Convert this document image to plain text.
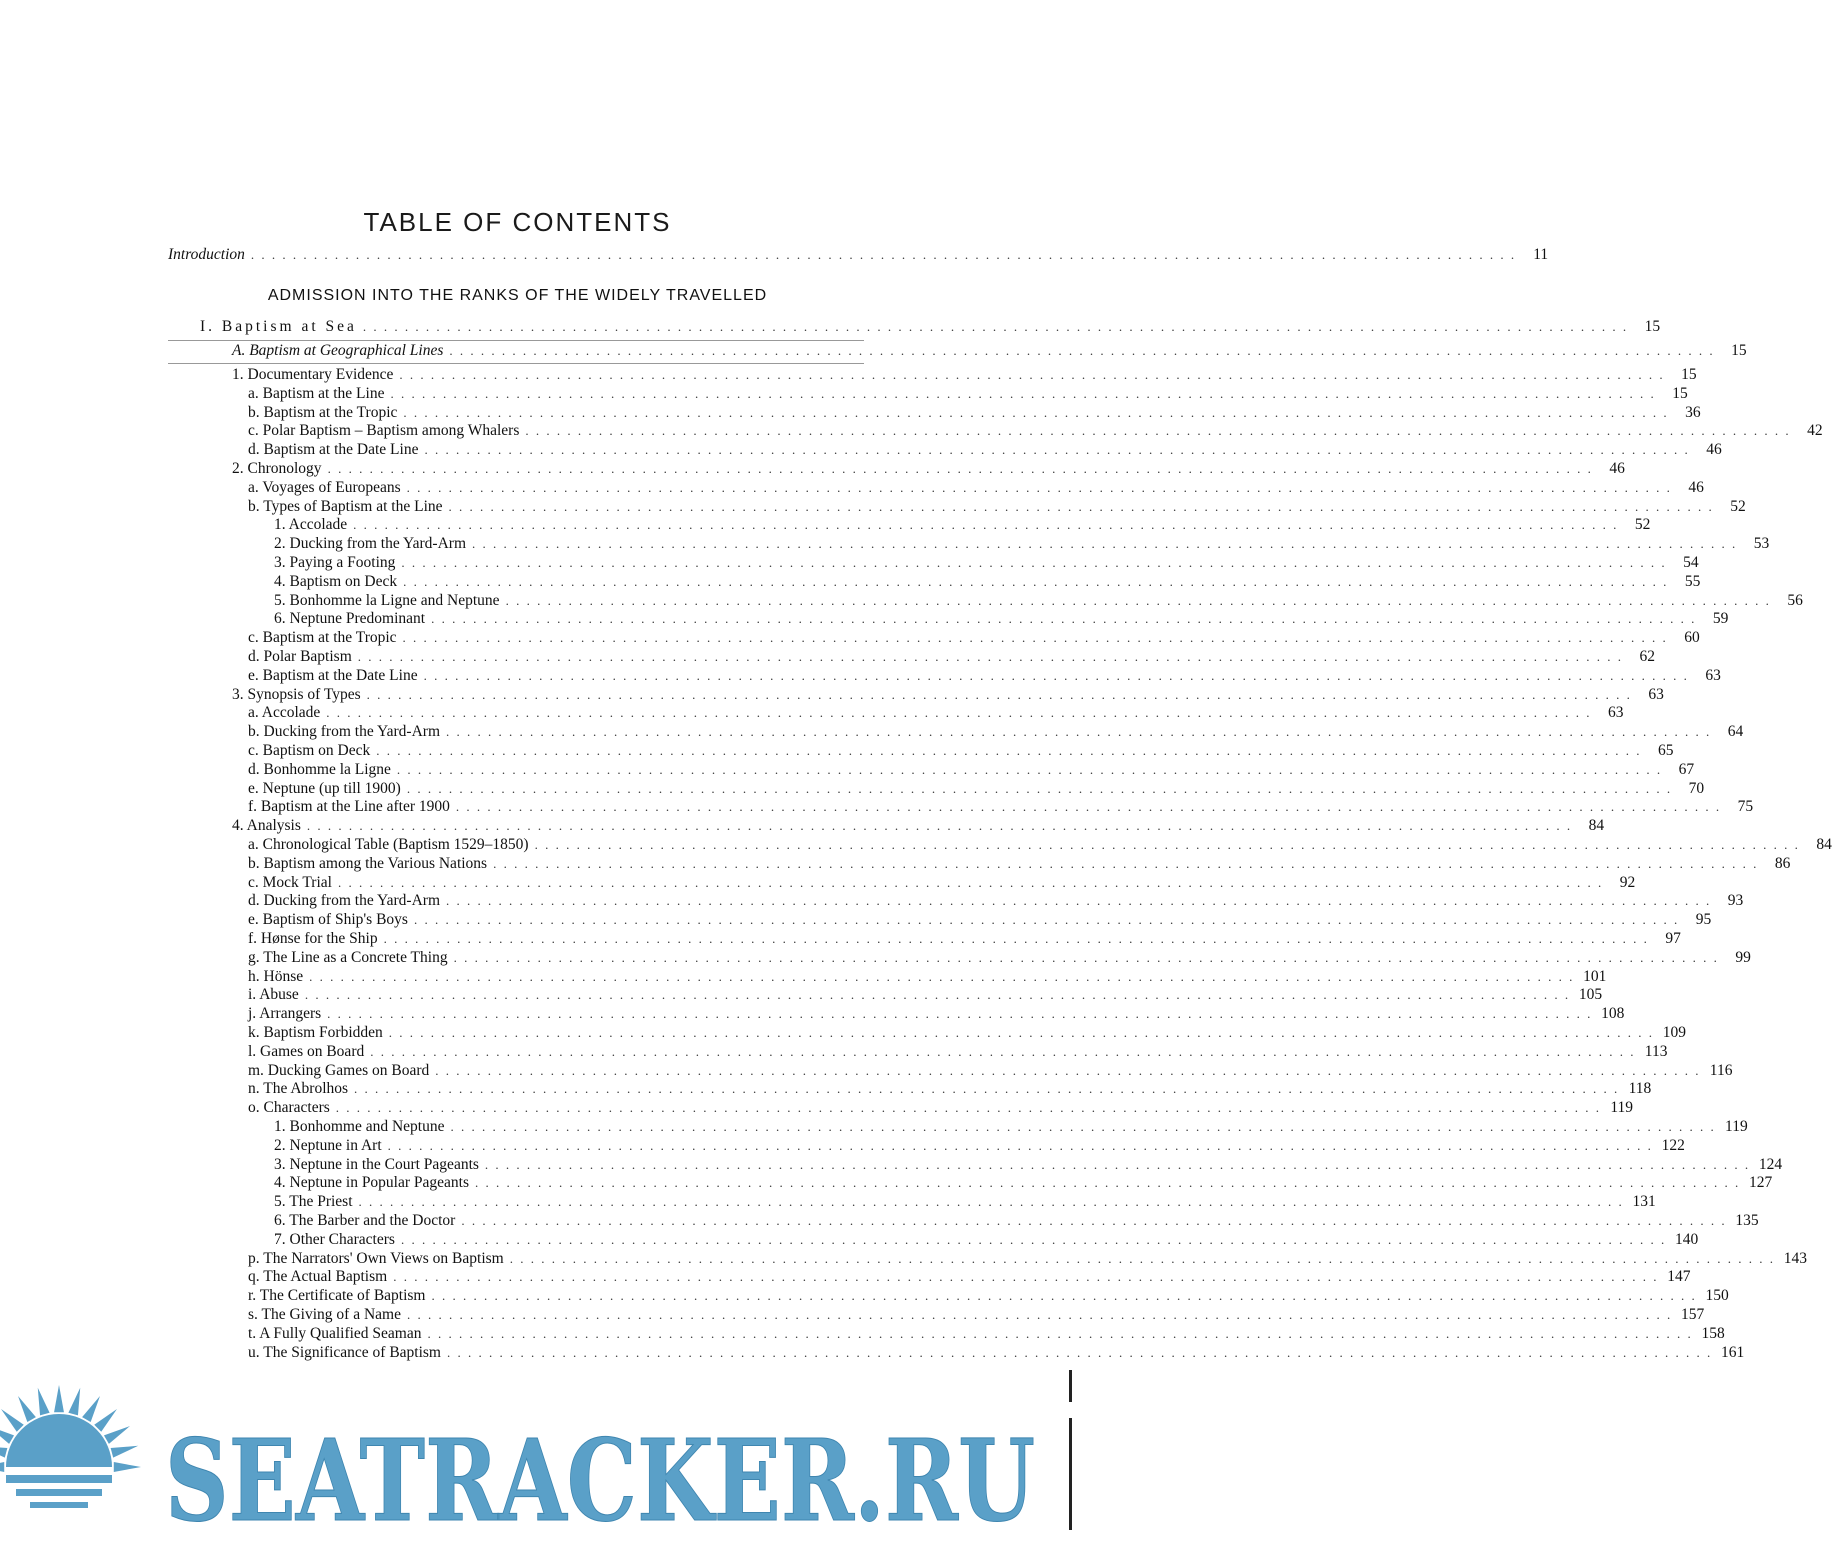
TABLE OF CONTENTS
Introduction . . .	11
ADMISSION INTO THE RANKS OF THE WIDELY TRAVELLED
I. Baptism at Sea . . .	15
A. Baptism at Geographical Lines . . .	15
1. Documentary Evidence . . .	15
a. Baptism at the Line . . .	15
b. Baptism at the Tropic . . .	36
c. Polar Baptism – Baptism among Whalers . . .	42
d. Baptism at the Date Line . . .	46
2. Chronology . . .	46
a. Voyages of Europeans . . .	46
b. Types of Baptism at the Line . . .	52
1. Accolade . . .	52
2. Ducking from the Yard-Arm . . .	53
3. Paying a Footing . . .	54
4. Baptism on Deck . . .	55
5. Bonhomme la Ligne and Neptune . . .	56
6. Neptune Predominant . . .	59
c. Baptism at the Tropic . . .	60
d. Polar Baptism . . .	62
e. Baptism at the Date Line . . .	63
3. Synopsis of Types . . .	63
a. Accolade . . .	63
b. Ducking from the Yard-Arm . . .	64
c. Baptism on Deck . . .	65
d. Bonhomme la Ligne . . .	67
e. Neptune (up till 1900) . . .	70
f. Baptism at the Line after 1900 . . .	75
4. Analysis . . .	84
a. Chronological Table (Baptism 1529–1850) . . .	84
b. Baptism among the Various Nations . . .	86
c. Mock Trial . . .	92
d. Ducking from the Yard-Arm . . .	93
e. Baptism of Ship's Boys . . .	95
f. Hønse for the Ship . . .	97
g. The Line as a Concrete Thing . . .	99
h. Hönse . . .	101
i. Abuse . . .	105
j. Arrangers . . .	108
k. Baptism Forbidden . . .	109
l. Games on Board . . .	113
m. Ducking Games on Board . . .	116
n. The Abrolhos . . .	118
o. Characters . . .	119
1. Bonhomme and Neptune . . .	119
2. Neptune in Art . . .	122
3. Neptune in the Court Pageants . . .	124
4. Neptune in Popular Pageants . . .	127
5. The Priest . . .	131
6. The Barber and the Doctor . . .	135
7. Other Characters . . .	140
p. The Narrators' Own Views on Baptism . . .	143
q. The Actual Baptism . . .	147
r. The Certificate of Baptism . . .	150
s. The Giving of a Name . . .	157
t. A Fully Qualified Seaman . . .	158
u. The Significance of Baptism . . .	161
SEATRACKER.RU
